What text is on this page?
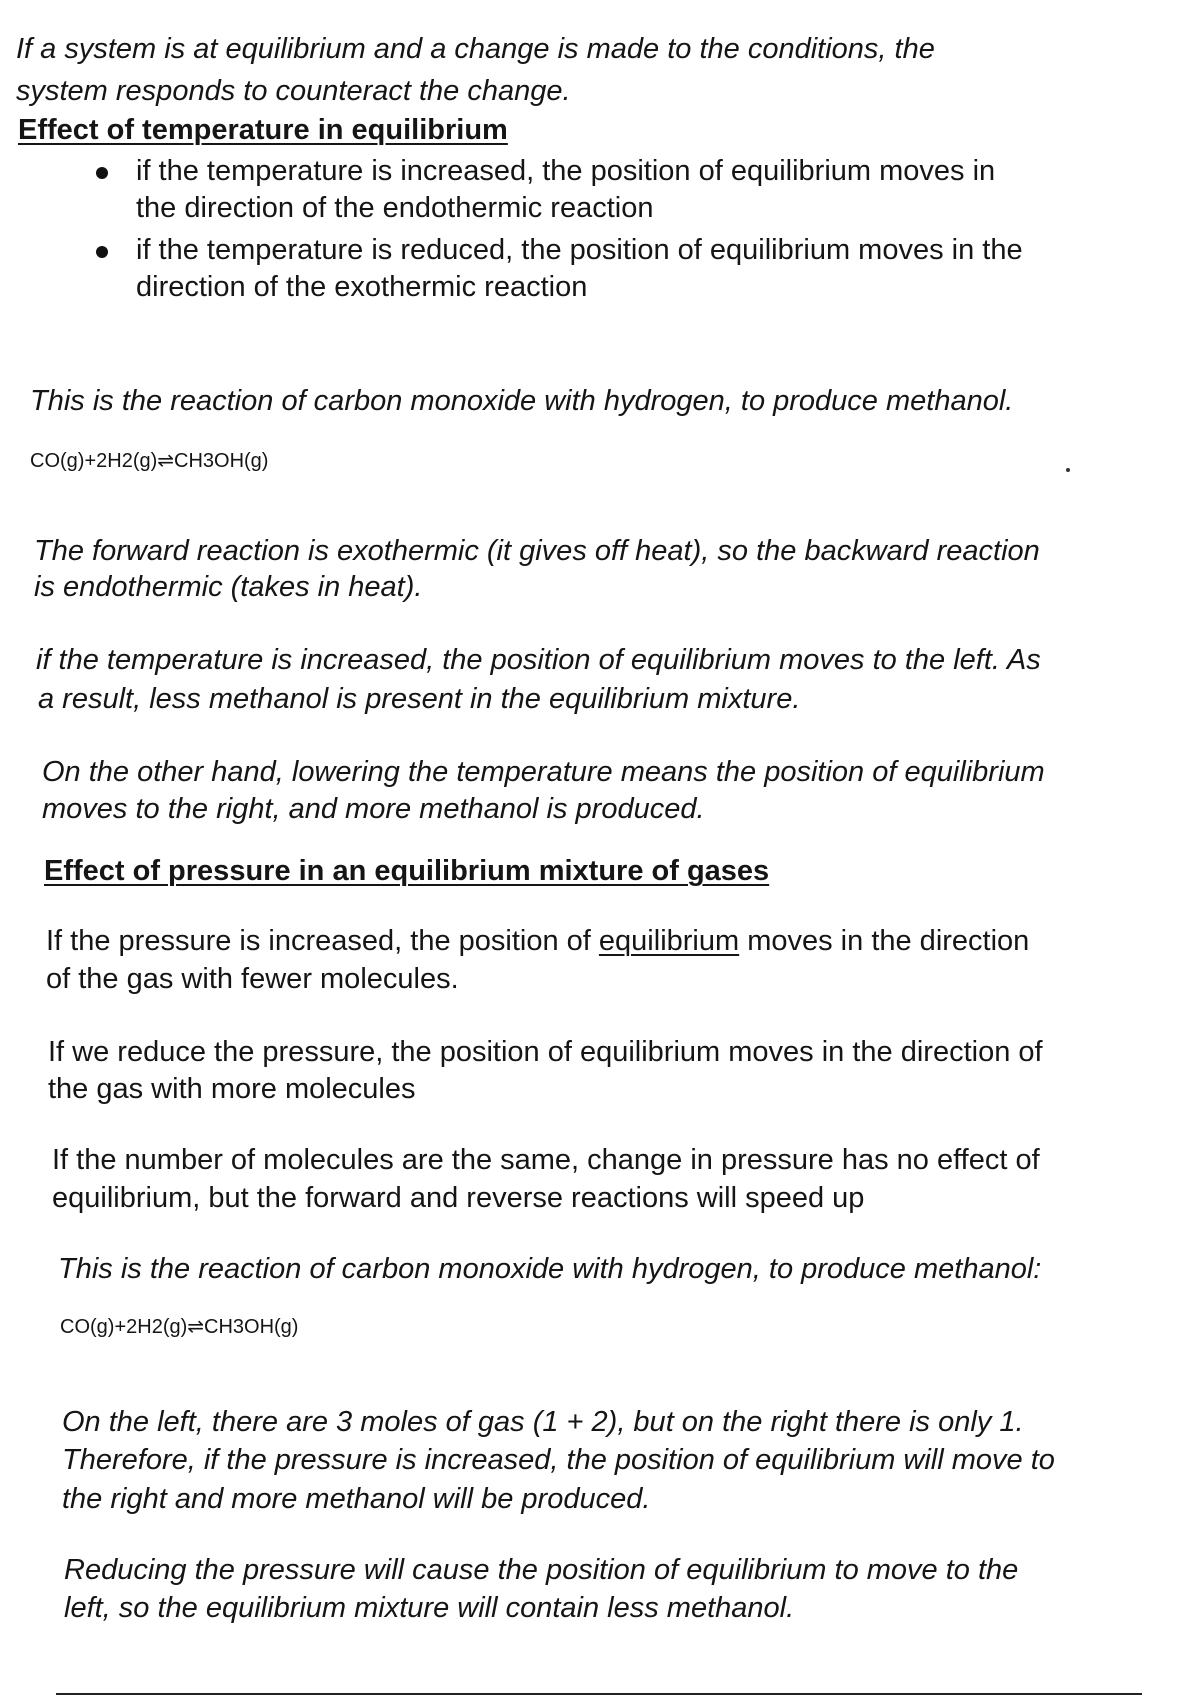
If a system is at equilibrium and a change is made to the conditions, the

system responds to counteract the change.

Effect of temperature in equilibrium
if the temperature is increased, the position of equilibrium moves in
the direction of the endothermic reaction
if the temperature is reduced, the position of equilibrium moves in the
direction of the exothermic reaction

This is the reaction of carbon monoxide with hydrogen, to produce methanol.

CO(g)+2H2(g)⇌CH3OH(g)

The forward reaction is exothermic (it gives off heat), so the backward reaction

is endothermic (takes in heat).

if the temperature is increased, the position of equilibrium moves to the left. As

a result, less methanol is present in the equilibrium mixture.

On the other hand, lowering the temperature means the position of equilibrium

moves to the right, and more methanol is produced.

Effect of pressure in an equilibrium mixture of gases

If the pressure is increased, the position of equilibrium moves in the direction

of the gas with fewer molecules.

If we reduce the pressure, the position of equilibrium moves in the direction of

the gas with more molecules

If the number of molecules are the same, change in pressure has no effect of

equilibrium, but the forward and reverse reactions will speed up

This is the reaction of carbon monoxide with hydrogen, to produce methanol:

CO(g)+2H2(g)⇌CH3OH(g)

On the left, there are 3 moles of gas (1 + 2), but on the right there is only 1.

Therefore, if the pressure is increased, the position of equilibrium will move to

the right and more methanol will be produced.

Reducing the pressure will cause the position of equilibrium to move to the

left, so the equilibrium mixture will contain less methanol.
